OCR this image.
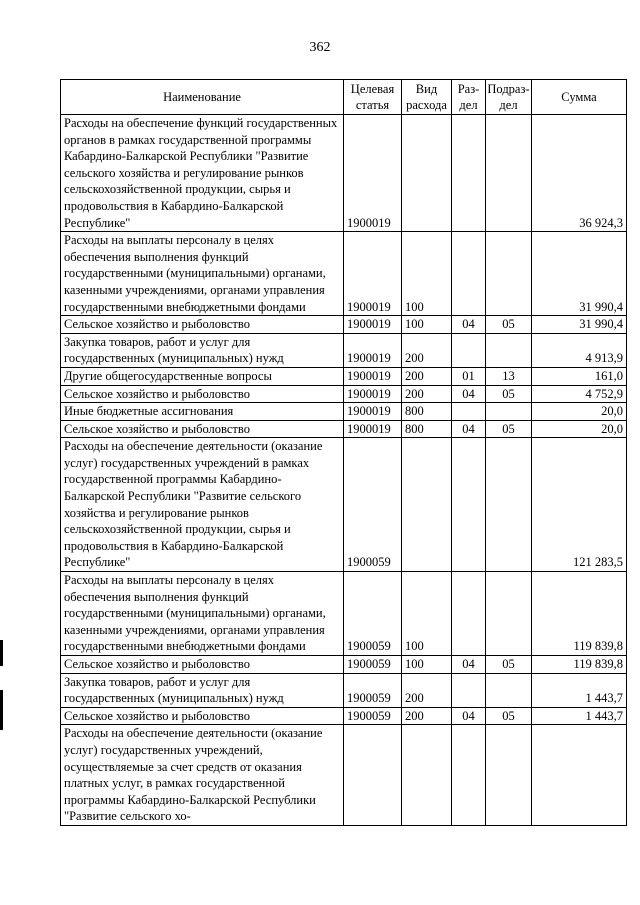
362
Наименование	Целевая статья	Вид расхода	Раз-дел	Подраз-дел	Сумма
Расходы на обеспечение функций государственных органов в рамках государственной программы Кабардино-Балкарской Республики "Развитие сельского хозяйства и регулирование рынков сельскохозяйственной продукции, сырья и продовольствия в Кабардино-Балкарской Республике"	1900019				36 924,3
Расходы на выплаты персоналу в целях обеспечения выполнения функций государственными (муниципальными) органами, казенными учреждениями, органами управления государственными внебюджетными фондами	1900019	100			31 990,4
Сельское хозяйство и рыболовство	1900019	100	04	05	31 990,4
Закупка товаров, работ и услуг для государственных (муниципальных) нужд	1900019	200			4 913,9
Другие общегосударственные вопросы	1900019	200	01	13	161,0
Сельское хозяйство и рыболовство	1900019	200	04	05	4 752,9
Иные бюджетные ассигнования	1900019	800			20,0
Сельское хозяйство и рыболовство	1900019	800	04	05	20,0
Расходы на обеспечение деятельности (оказание услуг) государственных учреждений в рамках государственной программы Кабардино-Балкарской Республики "Развитие сельского хозяйства и регулирование рынков сельскохозяйственной продукции, сырья и продовольствия в Кабардино-Балкарской Республике"	1900059				121 283,5
Расходы на выплаты персоналу в целях обеспечения выполнения функций государственными (муниципальными) органами, казенными учреждениями, органами управления государственными внебюджетными фондами	1900059	100			119 839,8
Сельское хозяйство и рыболовство	1900059	100	04	05	119 839,8
Закупка товаров, работ и услуг для государственных (муниципальных) нужд	1900059	200			1 443,7
Сельское хозяйство и рыболовство	1900059	200	04	05	1 443,7
Расходы на обеспечение деятельности (оказание услуг) государственных учреждений, осуществляемые за счет средств от оказания платных услуг, в рамках государственной программы Кабардино-Балкарской Республики "Развитие сельского хо-					
